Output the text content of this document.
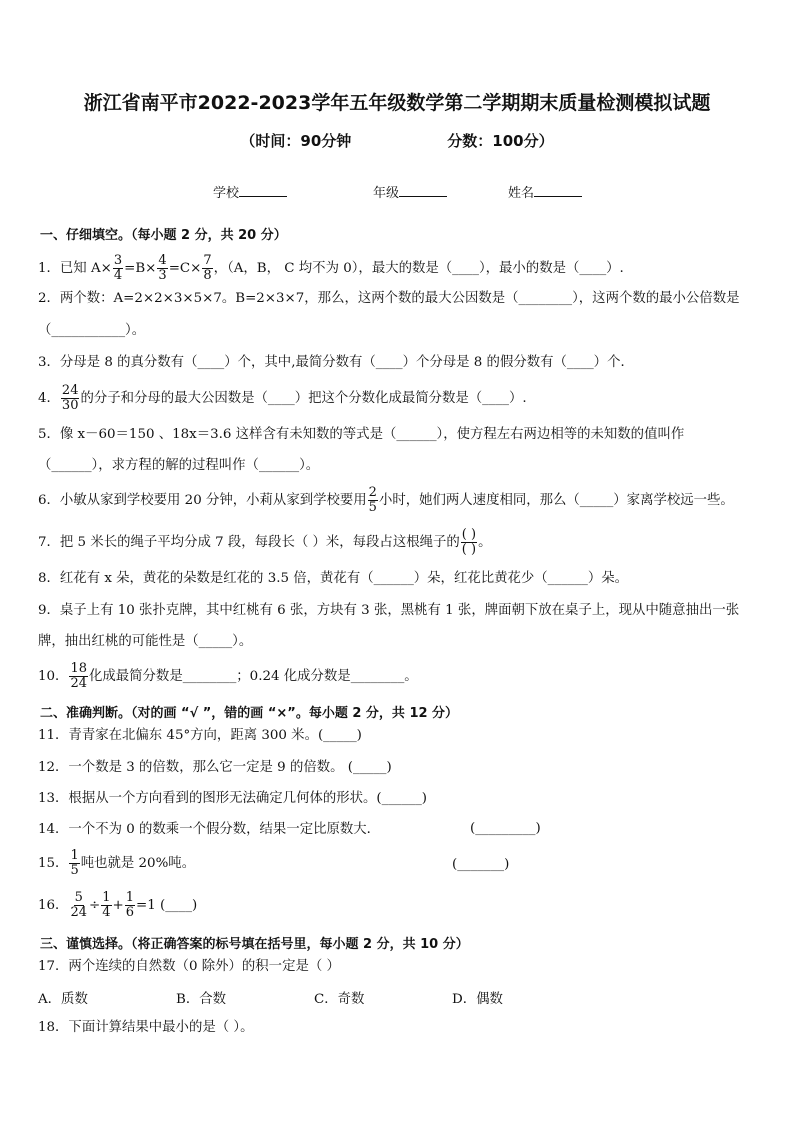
浙江省南平市2022-2023学年五年级数学第二学期期末质量检测模拟试题
（时间：90分钟	分数：100分）
学校	年级	姓名
一、仔细填空。（每小题 2 分，共 20 分）
1．已知 $A\times \frac{3}{4} =B\times \frac{4}{3} =C\times \frac{7}{8}$ ，（A，B， C 均不为 0），最大的数是（____），最小的数是（____）.
2．两个数：A=2×2×3×5×7。B=2×3×7，那么，这两个数的最大公因数是（________），这两个数的最小公倍数是
（___________）。
3．分母是 8 的真分数有（____）个，其中,最简分数有（____）个分母是 8 的假分数有（____）个．
4． $\frac{24}{30}$ 的分子和分母的最大公因数是（____）把这个分数化成最简分数是（____）.
5．像 x－60＝150 、18x＝3.6 这样含有未知数的等式是（______），使方程左右两边相等的未知数的值叫作
（______），求方程的解的过程叫作（______）。
6．小敏从家到学校要用 20 分钟，小莉从家到学校要用 $\frac{2}{5}$ 小时，她们两人速度相同，那么（_____）家离学校远一些。
7．把 5 米长的绳子平均分成 7 段，每段长（ ）米，每段占这根绳子的 $\frac{( )}{( )}$ 。
8．红花有 x 朵，黄花的朵数是红花的 3.5 倍，黄花有（______）朵，红花比黄花少（______）朵。
9．桌子上有 10 张扑克牌，其中红桃有 6 张，方块有 3 张，黑桃有 1 张，牌面朝下放在桌子上，现从中随意抽出一张
牌，抽出红桃的可能性是（_____）。
10． $\frac{18}{24}$ 化成最简分数是________；0.24 化成分数是________。
二、准确判断。（对的画 “√ ”，错的画 “×”。每小题 2 分，共 12 分）
11．青青家在北偏东 45°方向，距离 300 米。(_____)
12．一个数是 3 的倍数，那么它一定是 9 的倍数。 (_____)
13．根据从一个方向看到的图形无法确定几何体的形状。(______)
14．一个不为 0 的数乘一个假分数，结果一定比原数大．	(_________)
15． $\frac{1}{5}$ 吨也就是 20%吨。	(_______)
16． $\frac{5}{24} \div \frac{1}{4} + \frac{1}{6} =1$ (____)
三、谨慎选择。（将正确答案的标号填在括号里，每小题 2 分，共 10 分）
17．两个连续的自然数（0 除外）的积一定是（ ）
A．质数	B．合数	C．奇数	D．偶数
18．下面计算结果中最小的是（ ）。
